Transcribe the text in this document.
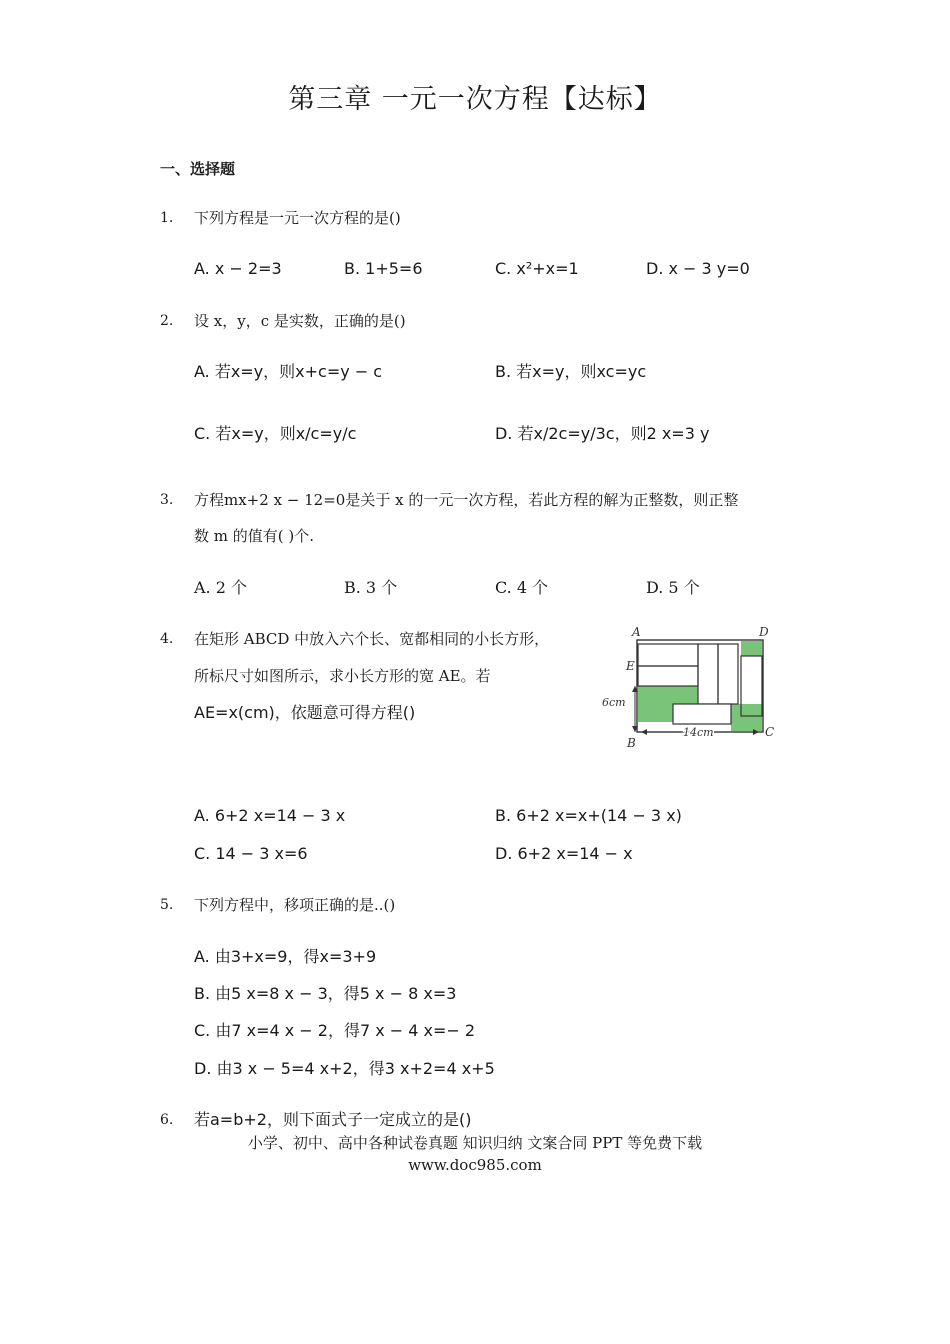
第三章 一元一次方程【达标】
一、选择题
1. 下列方程是一元一次方程的是()
A. x − 2=3	B. 1+5=6	C. x²+x=1	D. x − 3 y=0
2. 设 x，y，c 是实数，正确的是()
A. 若x=y，则x+c=y − c	B. 若x=y，则xc=yc
C. 若x=y，则x/c=y/c	D. 若x/2c=y/3c，则2 x=3 y
3. 方程mx+2 x − 12=0是关于 x 的一元一次方程，若此方程的解为正整数，则正整
数 m 的值有( )个.
A. 2 个	B. 3 个	C. 4 个	D. 5 个
4. 在矩形 ABCD 中放入六个长、宽都相同的小长方形，
所标尺寸如图所示，求小长方形的宽 AE。若
AE=x(cm)，依题意可得方程()
A	D
E
B
C
6cm
14cm
A. 6+2 x=14 − 3 x	B. 6+2 x=x+(14 − 3 x)
C. 14 − 3 x=6	D. 6+2 x=14 − x
5. 下列方程中，移项正确的是..()
A. 由3+x=9，得x=3+9
B. 由5 x=8 x − 3，得5 x − 8 x=3
C. 由7 x=4 x − 2，得7 x − 4 x=− 2
D. 由3 x − 5=4 x+2，得3 x+2=4 x+5
6. 若a=b+2，则下面式子一定成立的是()
小学、初中、高中各种试卷真题 知识归纳 文案合同 PPT 等免费下载
www.doc985.com
